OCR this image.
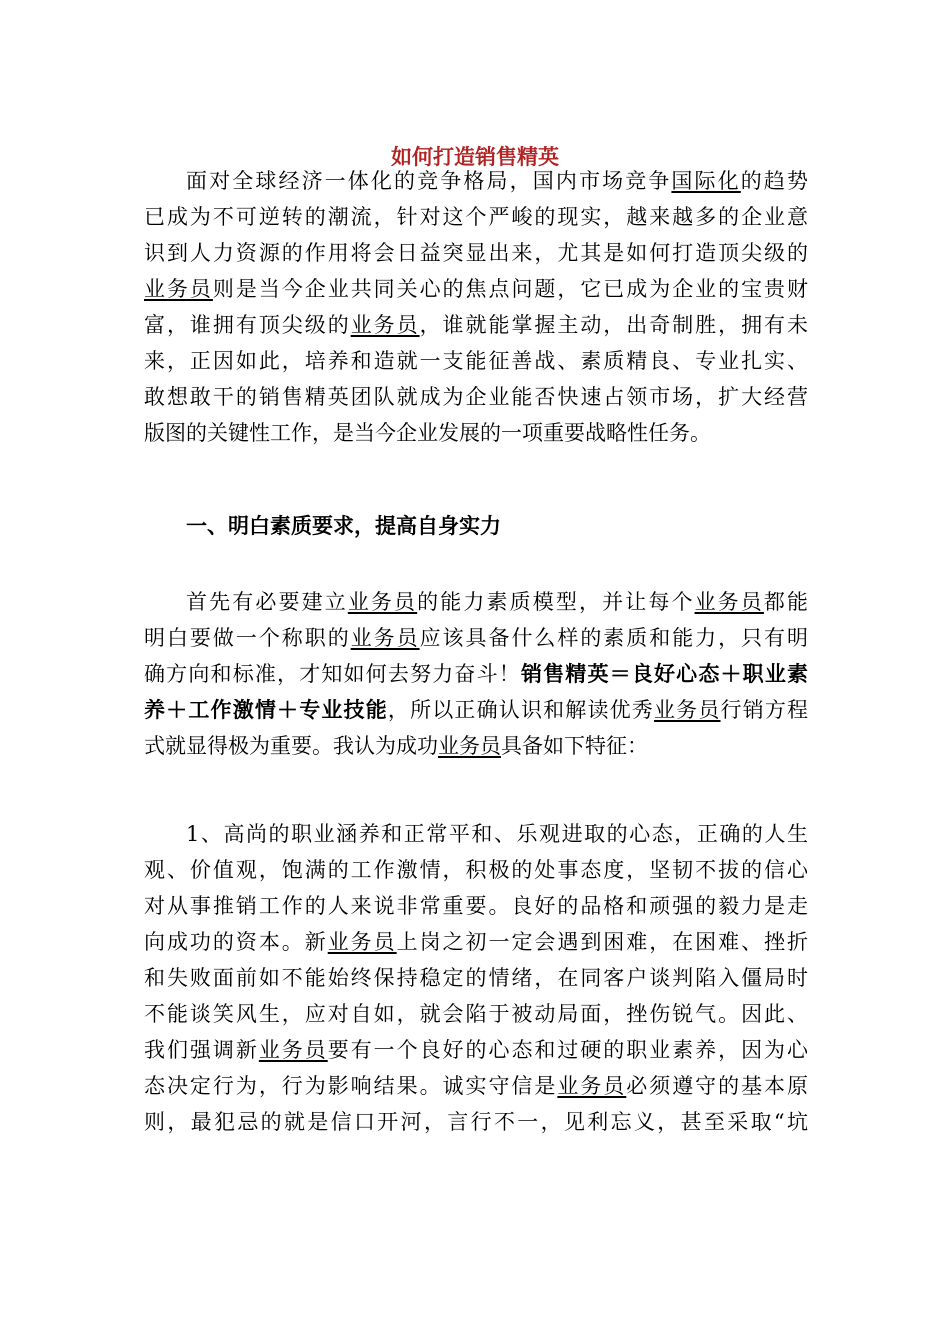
如何打造销售精英
面对全球经济一体化的竞争格局，国内市场竞争国际化的趋势
已成为不可逆转的潮流，针对这个严峻的现实，越来越多的企业意
识到人力资源的作用将会日益突显出来，尤其是如何打造顶尖级的
业务员则是当今企业共同关心的焦点问题，它已成为企业的宝贵财
富，谁拥有顶尖级的业务员，谁就能掌握主动，出奇制胜，拥有未
来，正因如此，培养和造就一支能征善战、素质精良、专业扎实、
敢想敢干的销售精英团队就成为企业能否快速占领市场，扩大经营
版图的关键性工作，是当今企业发展的一项重要战略性任务。
一、明白素质要求，提高自身实力
首先有必要建立业务员的能力素质模型，并让每个业务员都能
明白要做一个称职的业务员应该具备什么样的素质和能力，只有明
确方向和标准，才知如何去努力奋斗！销售精英＝良好心态＋职业素
养＋工作激情＋专业技能，所以正确认识和解读优秀业务员行销方程
式就显得极为重要。我认为成功业务员具备如下特征：
1、高尚的职业涵养和正常平和、乐观进取的心态，正确的人生
观、价值观，饱满的工作激情，积极的处事态度，坚韧不拔的信心
对从事推销工作的人来说非常重要。良好的品格和顽强的毅力是走
向成功的资本。新业务员上岗之初一定会遇到困难，在困难、挫折
和失败面前如不能始终保持稳定的情绪，在同客户谈判陷入僵局时
不能谈笑风生，应对自如，就会陷于被动局面，挫伤锐气。因此、
我们强调新业务员要有一个良好的心态和过硬的职业素养，因为心
态决定行为，行为影响结果。诚实守信是业务员必须遵守的基本原
则，最犯忌的就是信口开河，言行不一，见利忘义，甚至采取“坑
